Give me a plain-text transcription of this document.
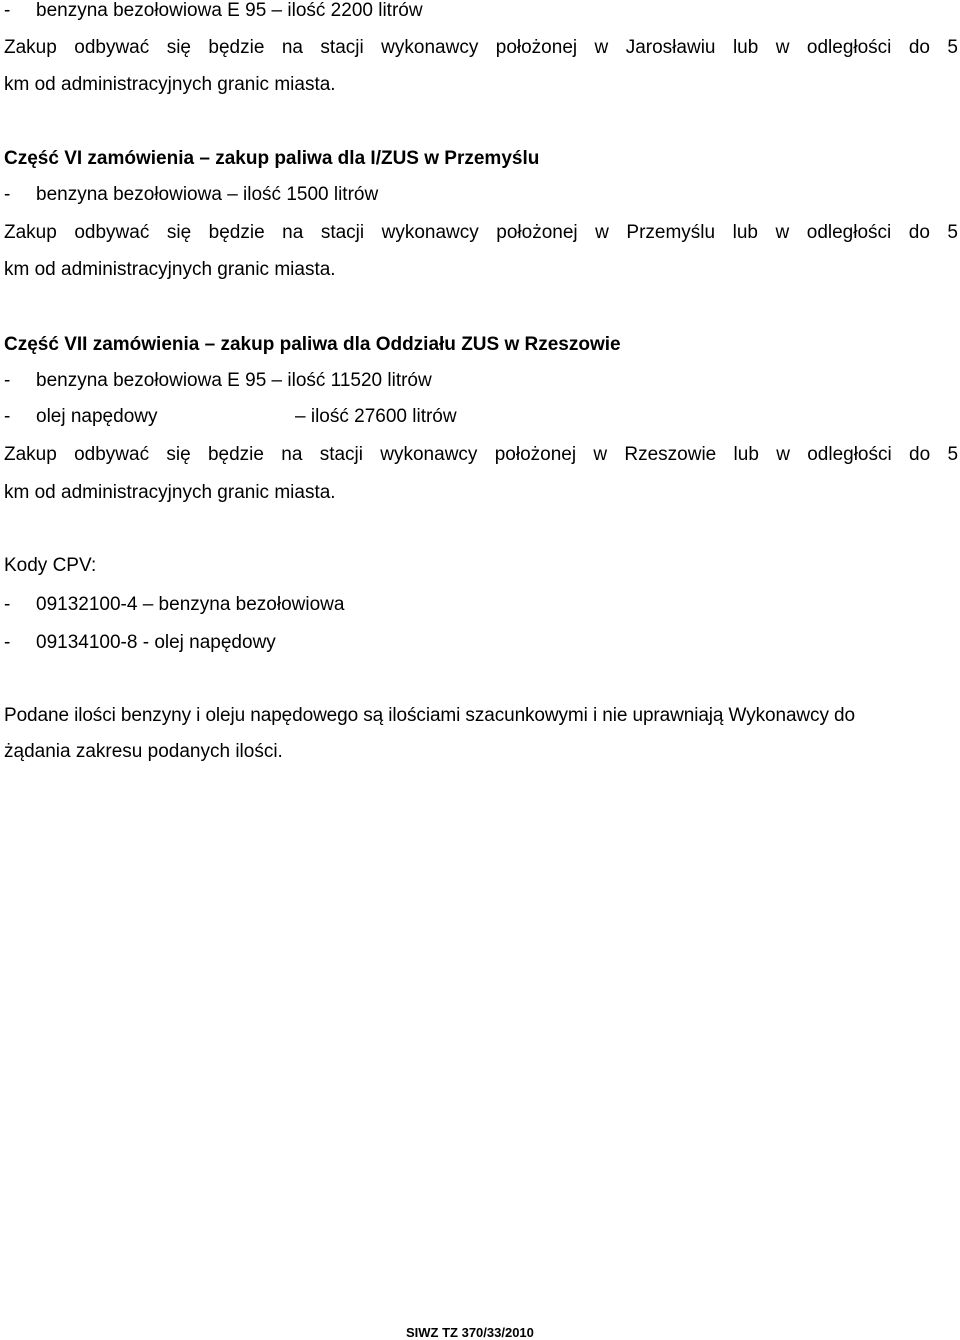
- benzyna bezołowiowa E 95 – ilość 2200 litrów
Zakup odbywać się będzie na stacji wykonawcy położonej w Jarosławiu lub w odległości do 5
km od administracyjnych granic miasta.
Część VI zamówienia – zakup paliwa dla I/ZUS w Przemyślu
- benzyna bezołowiowa – ilość 1500 litrów
Zakup odbywać się będzie na stacji wykonawcy położonej w Przemyślu lub w odległości do 5
km od administracyjnych granic miasta.
Część VII zamówienia – zakup paliwa dla Oddziału ZUS w Rzeszowie
- benzyna bezołowiowa E 95 – ilość 11520 litrów
- olej napędowy	– ilość 27600 litrów
Zakup odbywać się będzie na stacji wykonawcy położonej w Rzeszowie lub w odległości do 5
km od administracyjnych granic miasta.
Kody CPV:
- 09132100-4 – benzyna bezołowiowa
- 09134100-8 - olej napędowy
Podane ilości benzyny i oleju napędowego są ilościami szacunkowymi i nie uprawniają Wykonawcy do
żądania zakresu podanych ilości.
SIWZ TZ 370/33/2010
